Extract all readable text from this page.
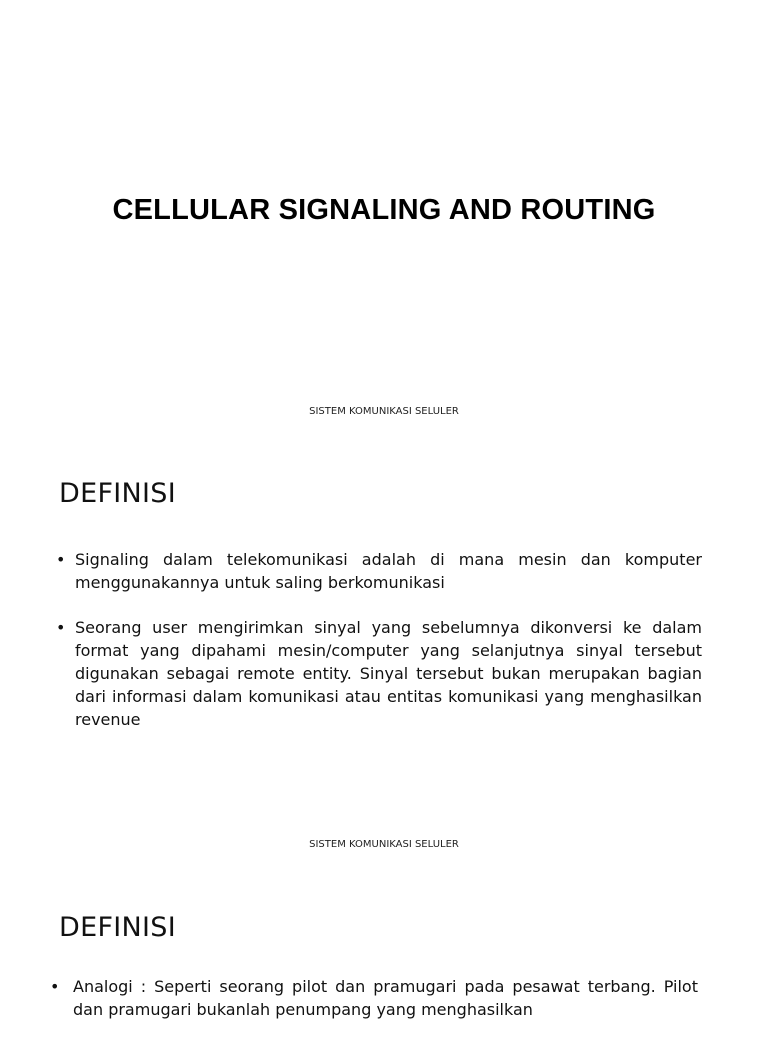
CELLULAR SIGNALING AND ROUTING
SISTEM KOMUNIKASI SELULER
DEFINISI
• Signaling dalam telekomunikasi adalah di mana mesin dan komputer menggunakannya untuk saling berkomunikasi
• Seorang user mengirimkan sinyal yang sebelumnya dikonversi ke dalam format yang dipahami mesin/computer yang selanjutnya sinyal tersebut digunakan sebagai remote entity. Sinyal tersebut bukan merupakan bagian dari informasi dalam komunikasi atau entitas komunikasi yang menghasilkan revenue
SISTEM KOMUNIKASI SELULER
DEFINISI
• Analogi : Seperti seorang pilot dan pramugari pada pesawat terbang. Pilot dan pramugari bukanlah penumpang yang menghasilkan
